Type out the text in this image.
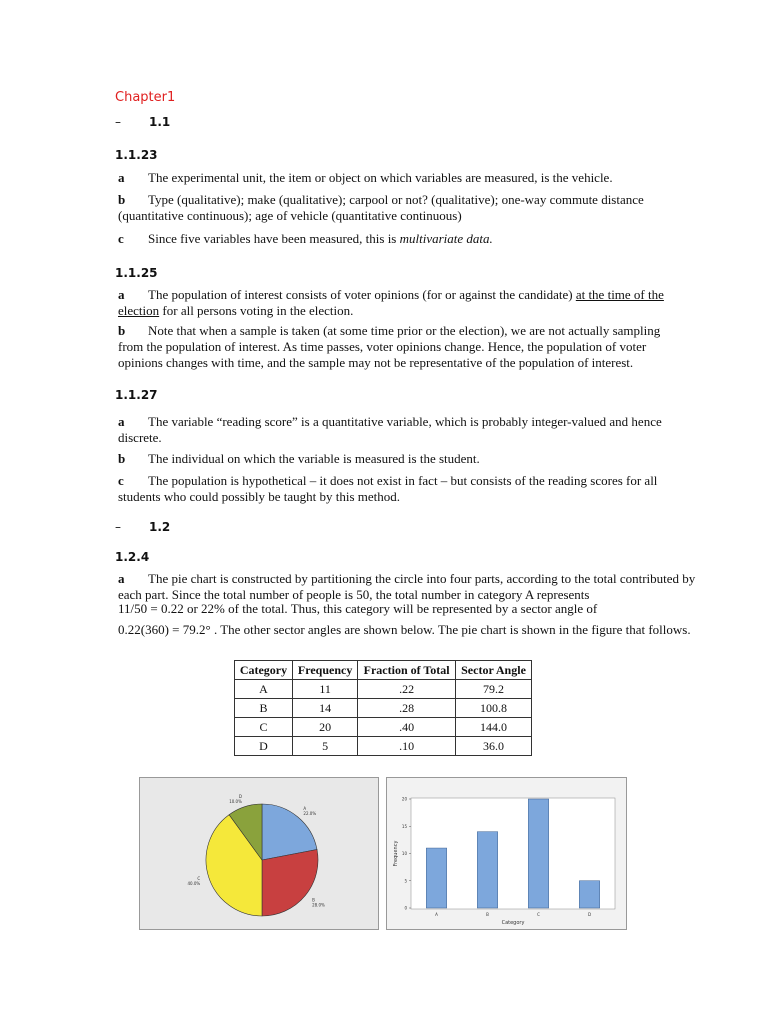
Chapter1
– 1.1
1.1.23
a The experimental unit, the item or object on which variables are measured, is the vehicle.
b Type (qualitative); make (qualitative); carpool or not? (qualitative); one-way commute distance (quantitative continuous); age of vehicle (quantitative continuous)
c Since five variables have been measured, this is multivariate data.
1.1.25
a The population of interest consists of voter opinions (for or against the candidate) at the time of the election for all persons voting in the election.
b Note that when a sample is taken (at some time prior or the election), we are not actually sampling from the population of interest. As time passes, voter opinions change. Hence, the population of voter opinions changes with time, and the sample may not be representative of the population of interest.
1.1.27
a The variable “reading score” is a quantitative variable, which is probably integer-valued and hence discrete.
b The individual on which the variable is measured is the student.
c The population is hypothetical – it does not exist in fact – but consists of the reading scores for all students who could possibly be taught by this method.
– 1.2
1.2.4
a The pie chart is constructed by partitioning the circle into four parts, according to the total contributed by each part. Since the total number of people is 50, the total number in category A represents
11/50 = 0.22 or 22% of the total. Thus, this category will be represented by a sector angle of
0.22(360) = 79.2° . The other sector angles are shown below. The pie chart is shown in the figure that follows.
Category	Frequency	Fraction of Total	Sector Angle
A	11	.22	79.2
B	14	.28	100.8
C	20	.40	144.0
D	5	.10	36.0
A
22.0%
B
28.0%
C
40.0%
D
10.0%
0
5
10
15
20
A	B	C	D
Category
Frequency
